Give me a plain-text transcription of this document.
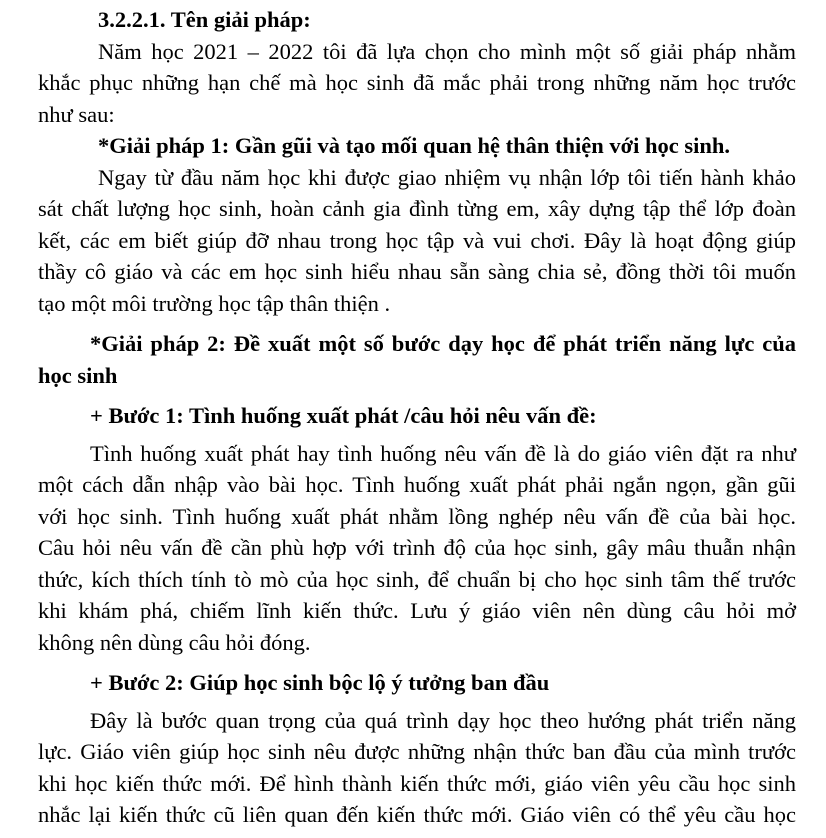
3.2.2.1. Tên giải pháp:

Năm học 2021 – 2022 tôi đã lựa chọn cho mình một số giải pháp nhằm

khắc phục những hạn chế mà học sinh đã mắc phải trong những năm học trước

như sau:

*Giải pháp 1: Gần gũi và tạo mối quan hệ thân thiện với học sinh.

Ngay từ đầu năm học khi được giao nhiệm vụ nhận lớp tôi tiến hành khảo

sát chất lượng học sinh, hoàn cảnh gia đình từng em, xây dựng tập thể lớp đoàn

kết, các em biết giúp đỡ nhau trong học tập và vui chơi. Đây là hoạt động giúp

thầy cô giáo và các em học sinh hiểu nhau sẵn sàng chia sẻ, đồng thời tôi muốn

tạo một môi trường học tập thân thiện .

*Giải pháp 2: Đề xuất một số bước dạy học để phát triển năng lực của

học sinh

+ Bước 1: Tình huống xuất phát /câu hỏi nêu vấn đề:

Tình huống xuất phát hay tình huống nêu vấn đề là do giáo viên đặt ra như

một cách dẫn nhập vào bài học. Tình huống xuất phát phải ngắn ngọn, gần gũi

với học sinh. Tình huống xuất phát nhằm lồng nghép nêu vấn đề của bài học.

Câu hỏi nêu vấn đề cần phù hợp với trình độ của học sinh, gây mâu thuẫn nhận

thức, kích thích tính tò mò của học sinh, để chuẩn bị cho học sinh tâm thế trước

khi khám phá, chiếm lĩnh kiến thức. Lưu ý giáo viên nên dùng câu hỏi mở

không nên dùng câu hỏi đóng.

+ Bước 2: Giúp học sinh bộc lộ ý tưởng ban đầu

Đây là bước quan trọng của quá trình dạy học theo hướng phát triển năng

lực. Giáo viên giúp học sinh nêu được những nhận thức ban đầu của mình trước

khi học kiến thức mới. Để hình thành kiến thức mới, giáo viên yêu cầu học sinh

nhắc lại kiến thức cũ liên quan đến kiến thức mới. Giáo viên có thể yêu cầu học
